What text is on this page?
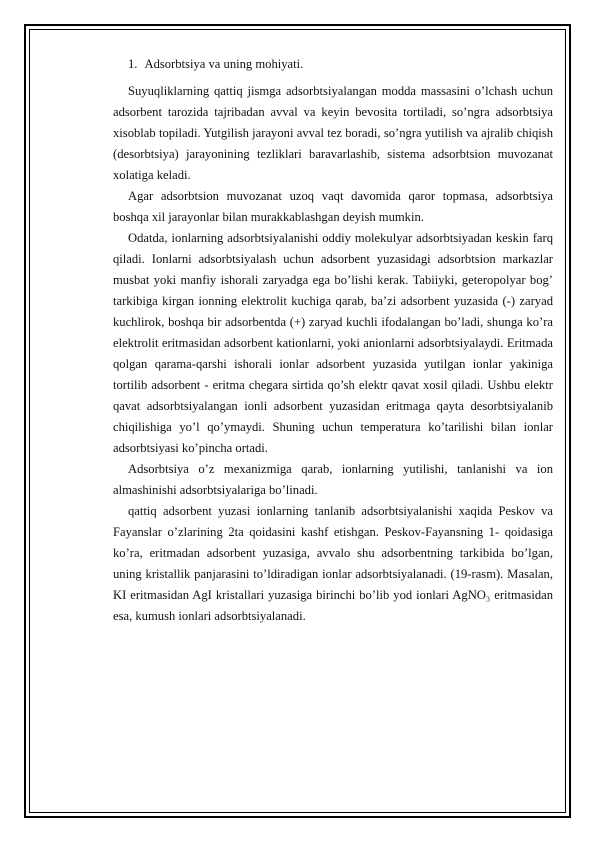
1. Adsorbtsiya va uning mohiyati.

Suyuqliklarning qattiq jismga adsorbtsiyalangan modda massasini o’lchash uchun adsorbent tarozida tajribadan avval va keyin bevosita tortiladi, so’ngra adsorbtsiya xisoblab topiladi. Yutgilish jarayoni avval tez boradi, so’ngra yutilish va ajralib chiqish (desorbtsiya) jarayonining tezliklari baravarlashib, sistema adsorbtsion muvozanat xolatiga keladi.

Agar adsorbtsion muvozanat uzoq vaqt davomida qaror topmasa, adsorbtsiya boshqa xil jarayonlar bilan murakkablashgan deyish mumkin.

Odatda, ionlarning adsorbtsiyalanishi oddiy molekulyar adsorbtsiyadan keskin farq qiladi. Ionlarni adsorbtsiyalash uchun adsorbent yuzasidagi adsorbtsion markazlar musbat yoki manfiy ishorali zaryadga ega bo’lishi kerak. Tabiiyki, geteropolyar bog’ tarkibiga kirgan ionning elektrolit kuchiga qarab, ba’zi adsorbent yuzasida (-) zaryad kuchlirok, boshqa bir adsorbentda (+) zaryad kuchli ifodalangan bo’ladi, shunga ko’ra elektrolit eritmasidan adsorbent kationlarni, yoki anionlarni adsorbtsiyalaydi. Eritmada qolgan qarama-qarshi ishorali ionlar adsorbent yuzasida yutilgan ionlar yakiniga tortilib adsorbent - eritma chegara sirtida qo’sh elektr qavat xosil qiladi. Ushbu elektr qavat adsorbtsiyalangan ionli adsorbent yuzasidan eritmaga qayta desorbtsiyalanib chiqilishiga yo’l qo’ymaydi. Shuning uchun temperatura ko’tarilishi bilan ionlar adsorbtsiyasi ko’pincha ortadi.

Adsorbtsiya o’z mexanizmiga qarab, ionlarning yutilishi, tanlanishi va ion almashinishi adsorbtsiyalariga bo’linadi.

qattiq adsorbent yuzasi ionlarning tanlanib adsorbtsiyalanishi xaqida Peskov va Fayanslar o’zlarining 2ta qoidasini kashf etishgan. Peskov-Fayansning 1- qoidasiga ko’ra, eritmadan adsorbent yuzasiga, avvalo shu adsorbentning tarkibida bo’lgan, uning kristallik panjarasini to’ldiradigan ionlar adsorbtsiyalanadi. (19-rasm). Masalan, KI eritmasidan AgI kristallari yuzasiga birinchi bo’lib yod ionlari AgNO₃ eritmasidan esa, kumush ionlari adsorbtsiyalanadi.
